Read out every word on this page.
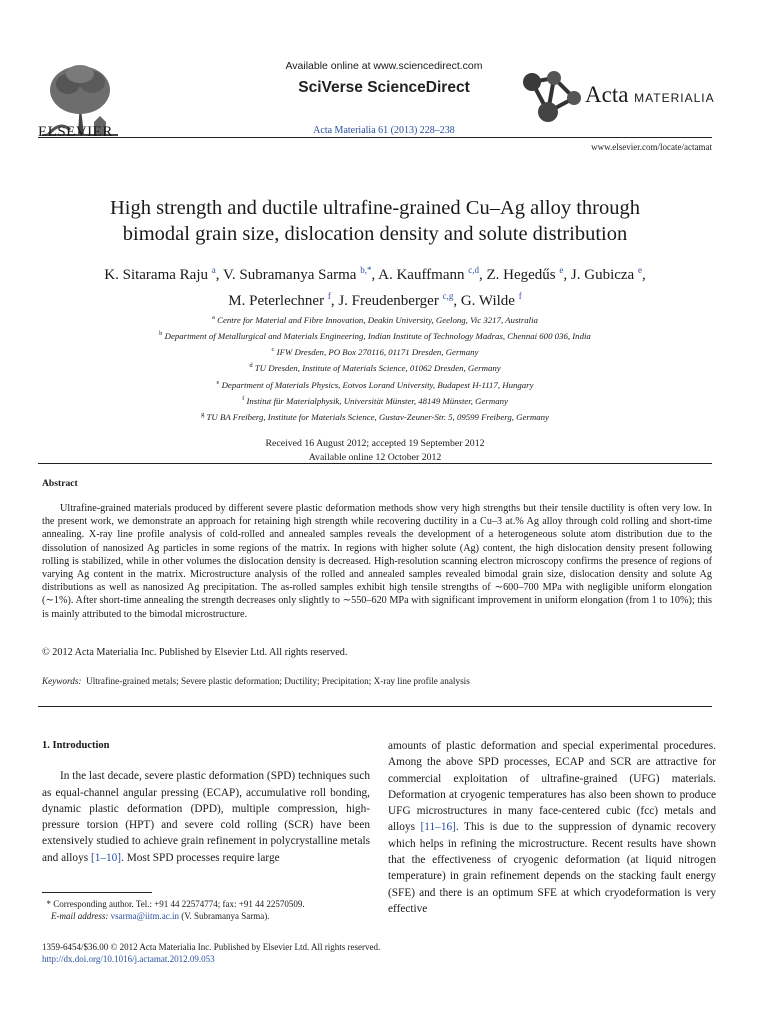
ELSEVIER
Available online at www.sciencedirect.com
SciVerse ScienceDirect
Acta Materialia 61 (2013) 228–238
Acta MATERIALIA
www.elsevier.com/locate/actamat
High strength and ductile ultrafine-grained Cu–Ag alloy through
bimodal grain size, dislocation density and solute distribution
K. Sitarama Raju $^a$, V. Subramanya Sarma $^{b,*}$, A. Kauffmann $^{c,d}$, Z. Hegedűs $^e$, J. Gubicza $^e$,
M. Peterlechner $^f$, J. Freudenberger $^{c,g}$, G. Wilde $^f$
$^a$ Centre for Material and Fibre Innovation, Deakin University, Geelong, Vic 3217, Australia
$^b$ Department of Metallurgical and Materials Engineering, Indian Institute of Technology Madras, Chennai 600 036, India
$^c$ IFW Dresden, PO Box 270116, 01171 Dresden, Germany
$^d$ TU Dresden, Institute of Materials Science, 01062 Dresden, Germany
$^e$ Department of Materials Physics, Eotvos Lorand University, Budapest H-1117, Hungary
$^f$ Institut für Materialphysik, Universität Münster, 48149 Münster, Germany
$^g$ TU BA Freiberg, Institute for Materials Science, Gustav-Zeuner-Str. 5, 09599 Freiberg, Germany
Received 16 August 2012; accepted 19 September 2012
Available online 12 October 2012
Abstract
Ultrafine-grained materials produced by different severe plastic deformation methods show very high strengths but their tensile ductility is often very low. In the present work, we demonstrate an approach for retaining high strength while recovering ductility in a Cu–3 at.% Ag alloy through cold rolling and short-time annealing. X-ray line profile analysis of cold-rolled and annealed samples reveals the development of a heterogeneous solute atom distribution due to the dissolution of nanosized Ag particles in some regions of the matrix. In regions with higher solute (Ag) content, the high dislocation density present following rolling is stabilized, while in other volumes the dislocation density is decreased. High-resolution scanning electron microscopy confirms the presence of regions of varying Ag content in the matrix. Microstructure analysis of the rolled and annealed samples revealed bimodal grain size, dislocation density and solute Ag distributions as well as nanosized Ag precipitation. The as-rolled samples exhibit high tensile strengths of ∼600–700 MPa with negligible uniform elongation (∼1%). After short-time annealing the strength decreases only slightly to ∼550–620 MPa with significant improvement in uniform elongation (from 1 to 10%); this is mainly attributed to the bimodal microstructure.
© 2012 Acta Materialia Inc. Published by Elsevier Ltd. All rights reserved.
Keywords: Ultrafine-grained metals; Severe plastic deformation; Ductility; Precipitation; X-ray line profile analysis
1. Introduction
In the last decade, severe plastic deformation (SPD) techniques such as equal-channel angular pressing (ECAP), accumulative roll bonding, dynamic plastic deformation (DPD), multiple compression, high-pressure torsion (HPT) and severe cold rolling (SCR) have been extensively studied to achieve grain refinement in polycrystalline metals and alloys [1–10]. Most SPD processes require large
amounts of plastic deformation and special experimental procedures. Among the above SPD processes, ECAP and SCR are attractive for commercial exploitation of ultrafine-grained (UFG) materials. Deformation at cryogenic temperatures has also been shown to produce UFG microstructures in many face-centered cubic (fcc) metals and alloys [11–16]. This is due to the suppression of dynamic recovery which helps in refining the microstructure. Recent results have shown that the effectiveness of cryogenic deformation (at liquid nitrogen temperature) in grain refinement depends on the stacking fault energy (SFE) and there is an optimum SFE at which cryodeformation is very effective
* Corresponding author. Tel.: +91 44 22574774; fax: +91 44 22570509.
E-mail address: vsarma@iitm.ac.in (V. Subramanya Sarma).
1359-6454/$36.00 © 2012 Acta Materialia Inc. Published by Elsevier Ltd. All rights reserved.
http://dx.doi.org/10.1016/j.actamat.2012.09.053
